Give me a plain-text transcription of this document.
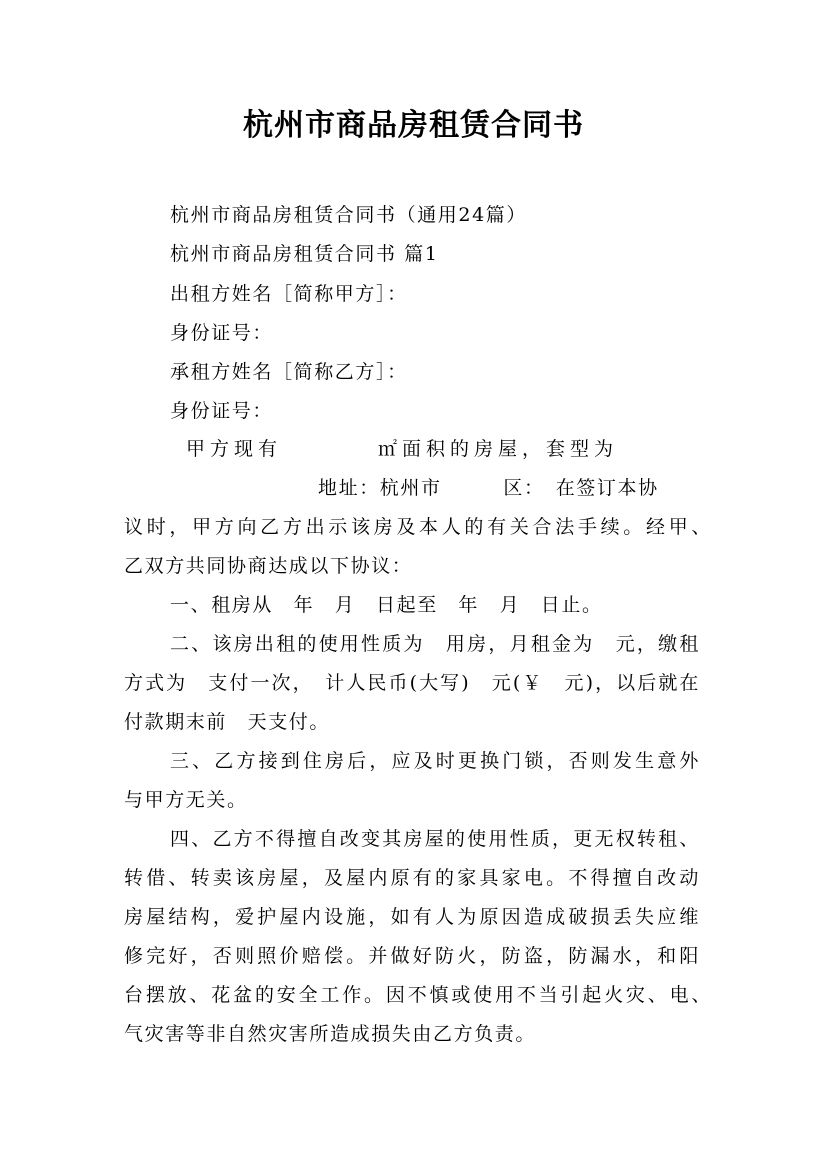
杭州市商品房租赁合同书
杭州市商品房租赁合同书（通用24篇）
杭州市商品房租赁合同书 篇1
出租方姓名［简称甲方］：
身份证号：
承租方姓名［简称乙方］：
身份证号：
甲方现有　　　　㎡面积的房屋，套型为
地址：杭州市　　　区：　在签订本协
议时，甲方向乙方出示该房及本人的有关合法手续。经甲、
乙双方共同协商达成以下协议：
一、租房从　年　月　日起至　年　月　日止。
二、该房出租的使用性质为　用房，月租金为　元，缴租
方式为　支付一次，　计人民币(大写)　元(￥　元)，以后就在
付款期末前　天支付。
三、乙方接到住房后，应及时更换门锁，否则发生意外
与甲方无关。
四、乙方不得擅自改变其房屋的使用性质，更无权转租、
转借、转卖该房屋，及屋内原有的家具家电。不得擅自改动
房屋结构，爱护屋内设施，如有人为原因造成破损丢失应维
修完好，否则照价赔偿。并做好防火，防盗，防漏水，和阳
台摆放、花盆的安全工作。因不慎或使用不当引起火灾、电、
气灾害等非自然灾害所造成损失由乙方负责。
